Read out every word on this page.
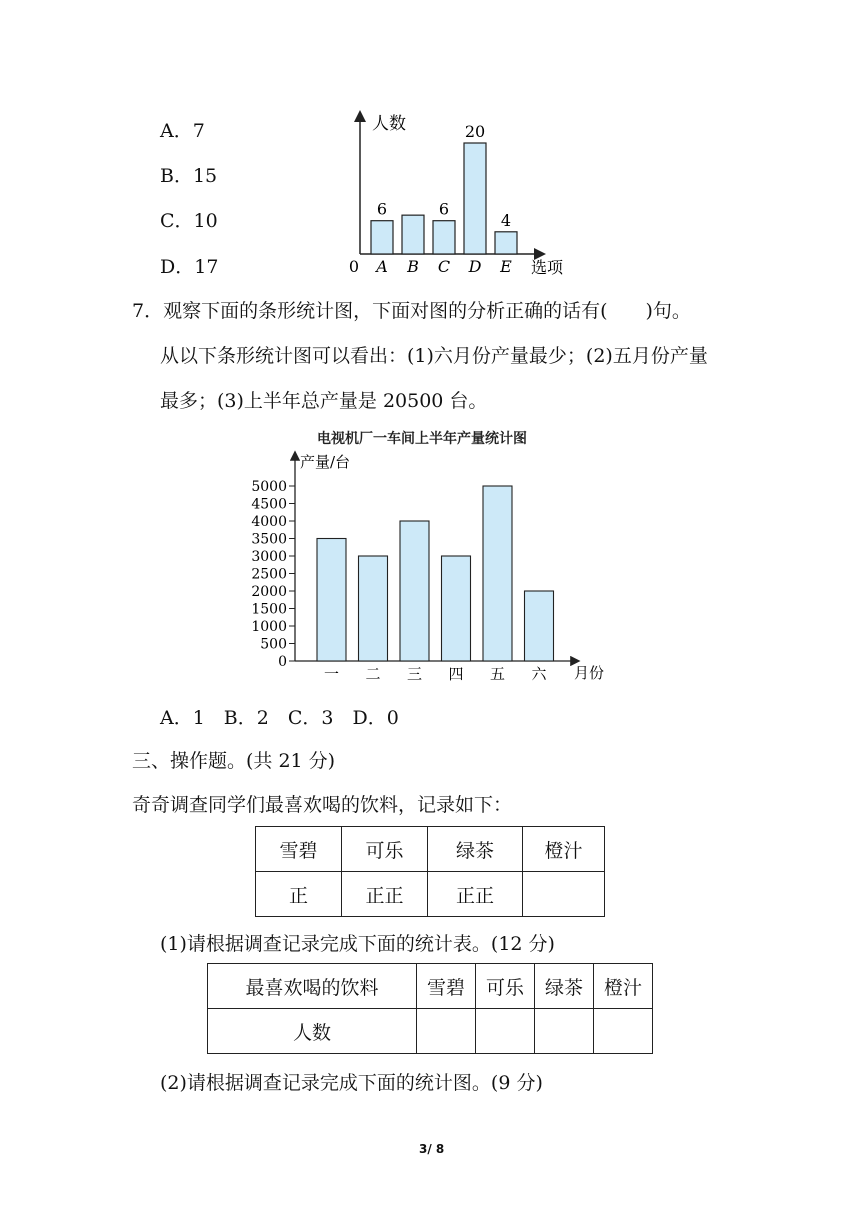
A．7
B．15
C．10
D．17
人数
选项
0
6
A B
6
C
20
D
4
E
7．观察下面的条形统计图，下面对图的分析正确的话有(　　)句。
从以下条形统计图可以看出：(1)六月份产量最少；(2)五月份产量
最多；(3)上半年总产量是 20500 台。
电视机厂一车间上半年产量统计图
产量/台
月份
0
500
1000
1500
2000
2500
3000
3500
4000
4500
5000
一 二 三 四 五 六
A．1　B．2　C．3　D．0
三、操作题。(共 21 分)
奇奇调查同学们最喜欢喝的饮料，记录如下：
雪碧	可乐	绿茶	橙汁
正	正正	正正	
(1)请根据调查记录完成下面的统计表。(12 分)
最喜欢喝的饮料	雪碧	可乐	绿茶	橙汁
人数				
(2)请根据调查记录完成下面的统计图。(9 分)
3/ 8
